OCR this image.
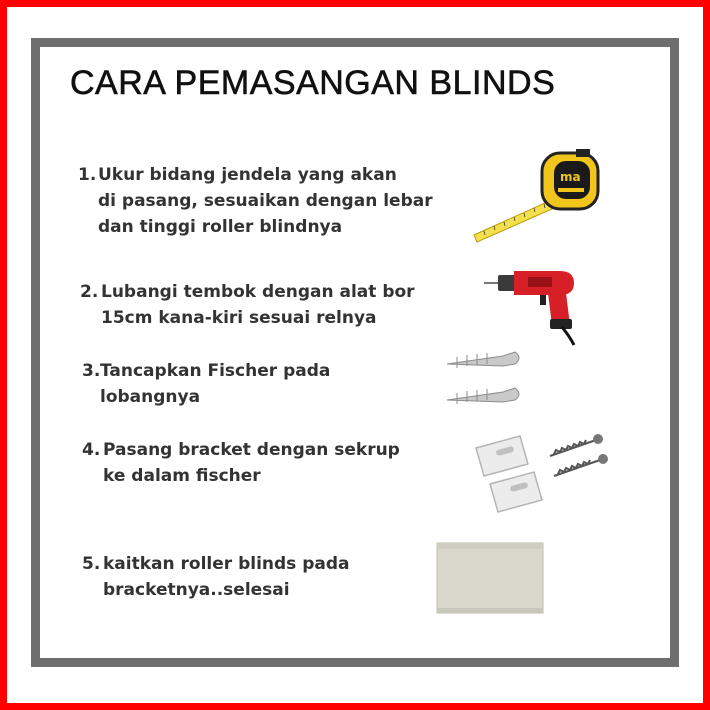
CARA PEMASANGAN BLINDS
1. Ukur bidang jendela yang akan
di pasang, sesuaikan dengan lebar
dan tinggi roller blindnya
2. Lubangi tembok dengan alat bor
15cm kana-kiri sesuai relnya
3. Tancapkan Fischer pada
lobangnya
4. Pasang bracket dengan sekrup
ke dalam fischer
5. kaitkan roller blinds pada
bracketnya..selesai
ma
